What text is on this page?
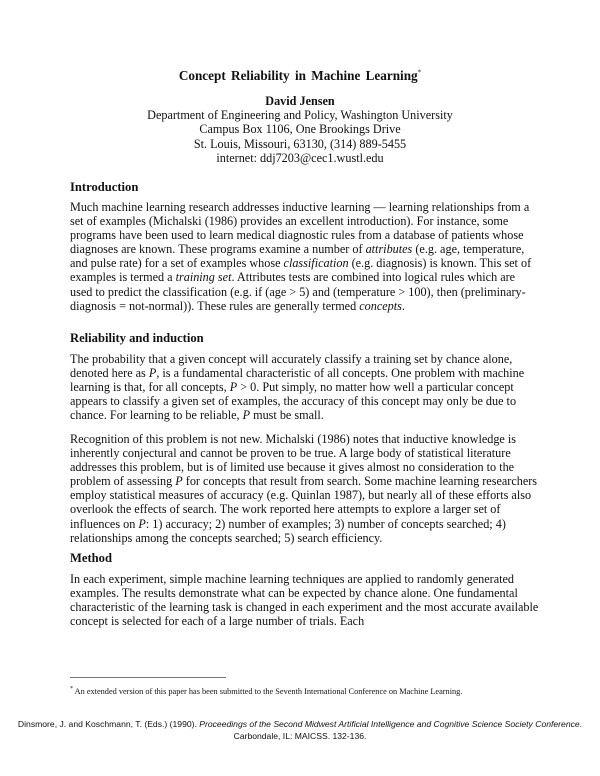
Concept Reliability in Machine Learning*
David Jensen
Department of Engineering and Policy, Washington University
Campus Box 1106, One Brookings Drive
St. Louis, Missouri, 63130, (314) 889-5455
internet: ddj7203@cec1.wustl.edu
Introduction

Much machine learning research addresses inductive learning — learning relationships from a set of examples (Michalski (1986) provides an excellent introduction). For instance, some programs have been used to learn medical diagnostic rules from a database of patients whose diagnoses are known. These programs examine a number of attributes (e.g. age, temperature, and pulse rate) for a set of examples whose classification (e.g. diagnosis) is known. This set of examples is termed a training set. Attributes tests are combined into logical rules which are used to predict the classification (e.g. if (age > 5) and (temperature > 100), then (preliminary-diagnosis = not-normal)). These rules are generally termed concepts.

Reliability and induction

The probability that a given concept will accurately classify a training set by chance alone, denoted here as P, is a fundamental characteristic of all concepts. One problem with machine learning is that, for all concepts, P > 0. Put simply, no matter how well a particular concept appears to classify a given set of examples, the accuracy of this concept may only be due to chance. For learning to be reliable, P must be small.

Recognition of this problem is not new. Michalski (1986) notes that inductive knowledge is inherently conjectural and cannot be proven to be true. A large body of statistical literature addresses this problem, but is of limited use because it gives almost no consideration to the problem of assessing P for concepts that result from search. Some machine learning researchers employ statistical measures of accuracy (e.g. Quinlan 1987), but nearly all of these efforts also overlook the effects of search. The work reported here attempts to explore a larger set of influences on P: 1) accuracy; 2) number of examples; 3) number of concepts searched; 4) relationships among the concepts searched; 5) search efficiency.

Method

In each experiment, simple machine learning techniques are applied to randomly generated examples. The results demonstrate what can be expected by chance alone. One fundamental characteristic of the learning task is changed in each experiment and the most accurate available concept is selected for each of a large number of trials. Each

* An extended version of this paper has been submitted to the Seventh International Conference on Machine Learning.
Dinsmore, J. and Koschmann, T. (Eds.) (1990). Proceedings of the Second Midwest Artificial Intelligence and Cognitive Science Society Conference. Carbondale, IL: MAICSS. 132-136.
